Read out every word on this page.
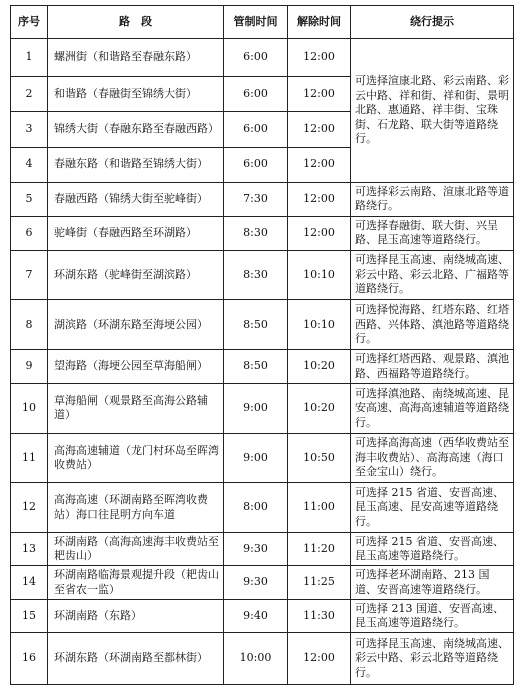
序号	路　段	管制时间	解除时间	绕行提示
1	螺洲街（和谐路至春融东路）	6:00	12:00	可选择渲康北路、彩云南路、彩云中路、祥和街、祥和街、景明北路、惠通路、祥丰街、宝珠街、石龙路、联大街等道路绕行。
2	和谐路（春融街至锦绣大街）	6:00	12:00	
3	锦绣大街（春融东路至春融西路）	6:00	12:00	
4	春融东路（和谐路至锦绣大街）	6:00	12:00	
5	春融西路（锦绣大街至驼峰街）	7:30	12:00	可选择彩云南路、渲康北路等道路绕行。
6	驼峰街（春融西路至环湖路）	8:30	12:00	可选择春融街、联大街、兴呈路、昆玉高速等道路绕行。
7	环湖东路（驼峰街至湖滨路）	8:30	10:10	可选择昆玉高速、南绕城高速、彩云中路、彩云北路、广福路等道路绕行。
8	湖滨路（环湖东路至海埂公园）	8:50	10:10	可选择悦海路、红塔东路、红塔西路、兴体路、滇池路等道路绕行。
9	望海路（海埂公园至草海船闸）	8:50	10:20	可选择红塔西路、观景路、滇池路、西福路等道路绕行。
10	草海船闸（观景路至高海公路辅道）	9:00	10:20	可选择滇池路、南绕城高速、昆安高速、高海高速辅道等道路绕行。
11	高海高速辅道（龙门村环岛至晖湾收费站）	9:00	10:50	可选择高海高速（西华收费站至海丰收费站）、高海高速（海口至金宝山）绕行。
12	高海高速（环湖南路至晖湾收费站）海口往昆明方向车道	8:00	11:00	可选择 215 省道、安晋高速、昆玉高速、昆安高速等道路绕行。
13	环湖南路（高海高速海丰收费站至耙齿山）	9:30	11:20	可选择 215 省道、安晋高速、昆玉高速等道路绕行。
14	环湖南路临海景观提升段（耙齿山至省农一监）	9:30	11:25	可选择老环湖南路、213 国道、安晋高速等道路绕行。
15	环湖南路（东路）	9:40	11:30	可选择 213 国道、安晋高速、昆玉高速等道路绕行。
16	环湖东路（环湖南路至都林街）	10:00	12:00	可选择昆玉高速、南绕城高速、彩云中路、彩云北路等道路绕行。
